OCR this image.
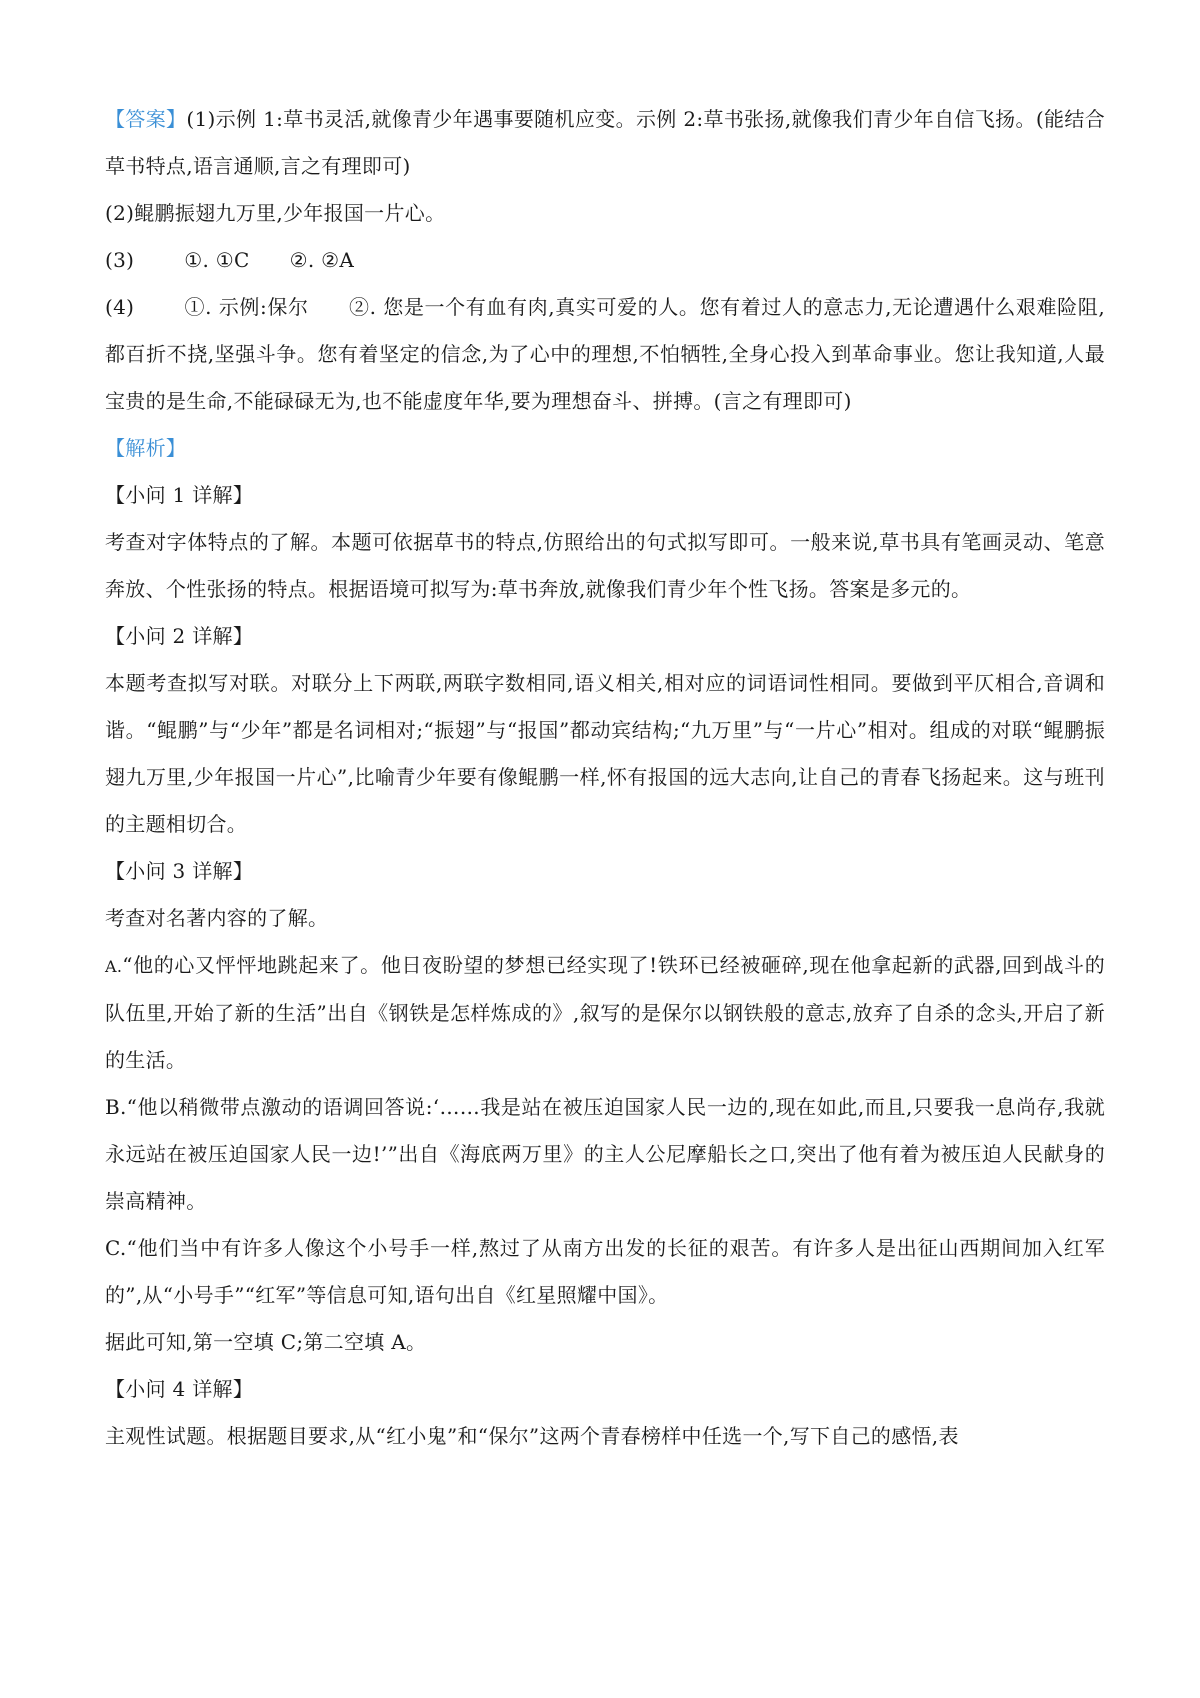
【答案】(1)示例 1:草书灵活,就像青少年遇事要随机应变。示例 2:草书张扬,就像我们青少年自信飞扬。(能结合草书特点,语言通顺,言之有理即可)

(2)鲲鹏振翅九万里,少年报国一片心。

(3)	①. ①C ②. ②A

(4)	①. 示例:保尔 ②. 您是一个有血有肉,真实可爱的人。您有着过人的意志力,无论遭遇什么艰难险阻,都百折不挠,坚强斗争。您有着坚定的信念,为了心中的理想,不怕牺牲,全身心投入到革命事业。您让我知道,人最宝贵的是生命,不能碌碌无为,也不能虚度年华,要为理想奋斗、拼搏。(言之有理即可)

【解析】

【小问 1 详解】

考查对字体特点的了解。本题可依据草书的特点,仿照给出的句式拟写即可。一般来说,草书具有笔画灵动、笔意奔放、个性张扬的特点。根据语境可拟写为:草书奔放,就像我们青少年个性飞扬。答案是多元的。

【小问 2 详解】

本题考查拟写对联。对联分上下两联,两联字数相同,语义相关,相对应的词语词性相同。要做到平仄相合,音调和谐。“鲲鹏”与“少年”都是名词相对;“振翅”与“报国”都动宾结构;“九万里”与“一片心”相对。组成的对联“鲲鹏振翅九万里,少年报国一片心”,比喻青少年要有像鲲鹏一样,怀有报国的远大志向,让自己的青春飞扬起来。这与班刊的主题相切合。

【小问 3 详解】

考查对名著内容的了解。

A.“他的心又怦怦地跳起来了。他日夜盼望的梦想已经实现了!铁环已经被砸碎,现在他拿起新的武器,回到战斗的队伍里,开始了新的生活”出自《钢铁是怎样炼成的》,叙写的是保尔以钢铁般的意志,放弃了自杀的念头,开启了新的生活。

B.“他以稍微带点激动的语调回答说:‘……我是站在被压迫国家人民一边的,现在如此,而且,只要我一息尚存,我就永远站在被压迫国家人民一边!’”出自《海底两万里》的主人公尼摩船长之口,突出了他有着为被压迫人民献身的崇高精神。

C.“他们当中有许多人像这个小号手一样,熬过了从南方出发的长征的艰苦。有许多人是出征山西期间加入红军的”,从“小号手”“红军”等信息可知,语句出自《红星照耀中国》。

据此可知,第一空填 C;第二空填 A。

【小问 4 详解】

主观性试题。根据题目要求,从“红小鬼”和“保尔”这两个青春榜样中任选一个,写下自己的感悟,表
